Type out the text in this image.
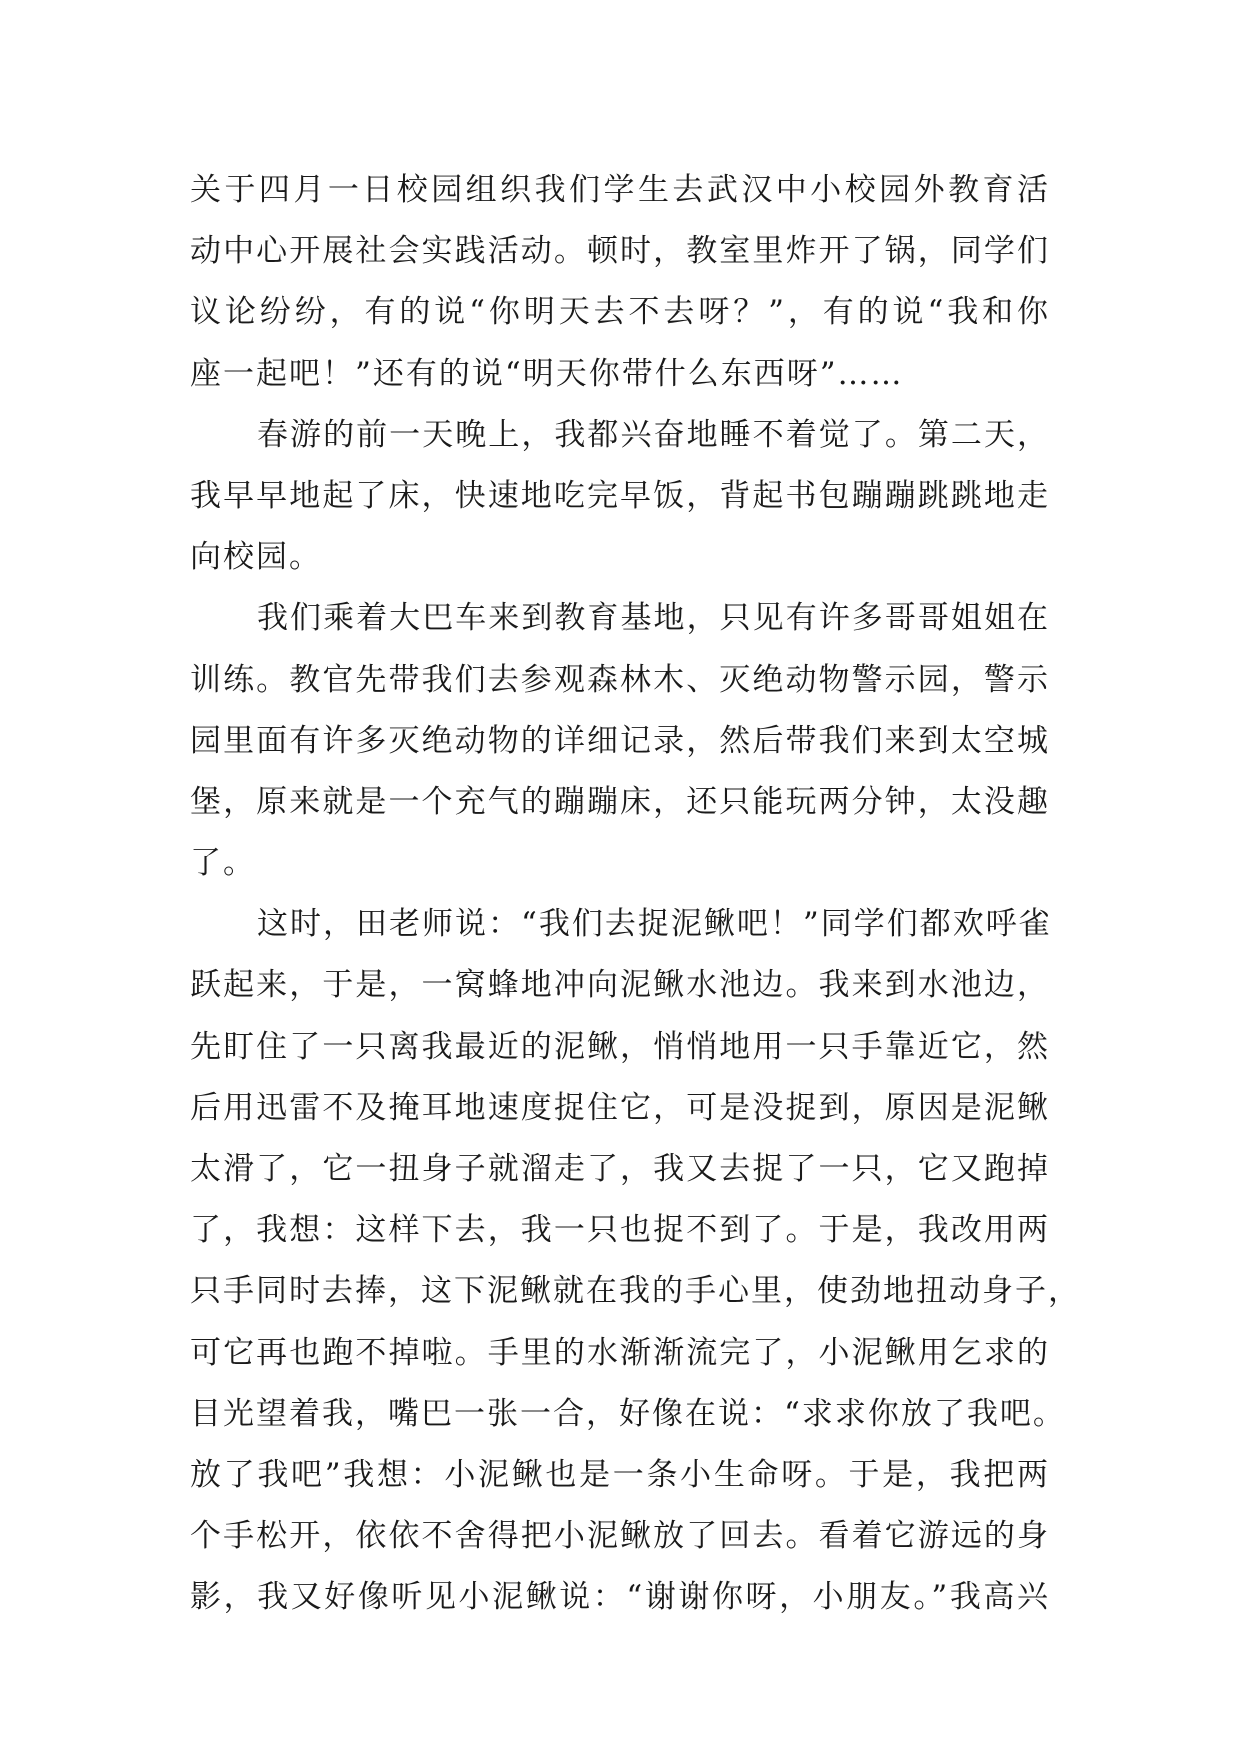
关于四月一日校园组织我们学生去武汉中小校园外教育活
动中心开展社会实践活动。顿时，教室里炸开了锅，同学们
议论纷纷，有的说“你明天去不去呀？”，有的说“我和你
座一起吧！”还有的说“明天你带什么东西呀”……
春游的前一天晚上，我都兴奋地睡不着觉了。第二天，
我早早地起了床，快速地吃完早饭，背起书包蹦蹦跳跳地走
向校园。
我们乘着大巴车来到教育基地，只见有许多哥哥姐姐在
训练。教官先带我们去参观森林木、灭绝动物警示园，警示
园里面有许多灭绝动物的详细记录，然后带我们来到太空城
堡，原来就是一个充气的蹦蹦床，还只能玩两分钟，太没趣
了。
这时，田老师说：“我们去捉泥鳅吧！”同学们都欢呼雀
跃起来，于是，一窝蜂地冲向泥鳅水池边。我来到水池边，
先盯住了一只离我最近的泥鳅，悄悄地用一只手靠近它，然
后用迅雷不及掩耳地速度捉住它，可是没捉到，原因是泥鳅
太滑了，它一扭身子就溜走了，我又去捉了一只，它又跑掉
了，我想：这样下去，我一只也捉不到了。于是，我改用两
只手同时去捧，这下泥鳅就在我的手心里，使劲地扭动身子，
可它再也跑不掉啦。手里的水渐渐流完了，小泥鳅用乞求的
目光望着我，嘴巴一张一合，好像在说：“求求你放了我吧。
放了我吧”我想：小泥鳅也是一条小生命呀。于是，我把两
个手松开，依依不舍得把小泥鳅放了回去。看着它游远的身
影，我又好像听见小泥鳅说：“谢谢你呀，小朋友。”我高兴
